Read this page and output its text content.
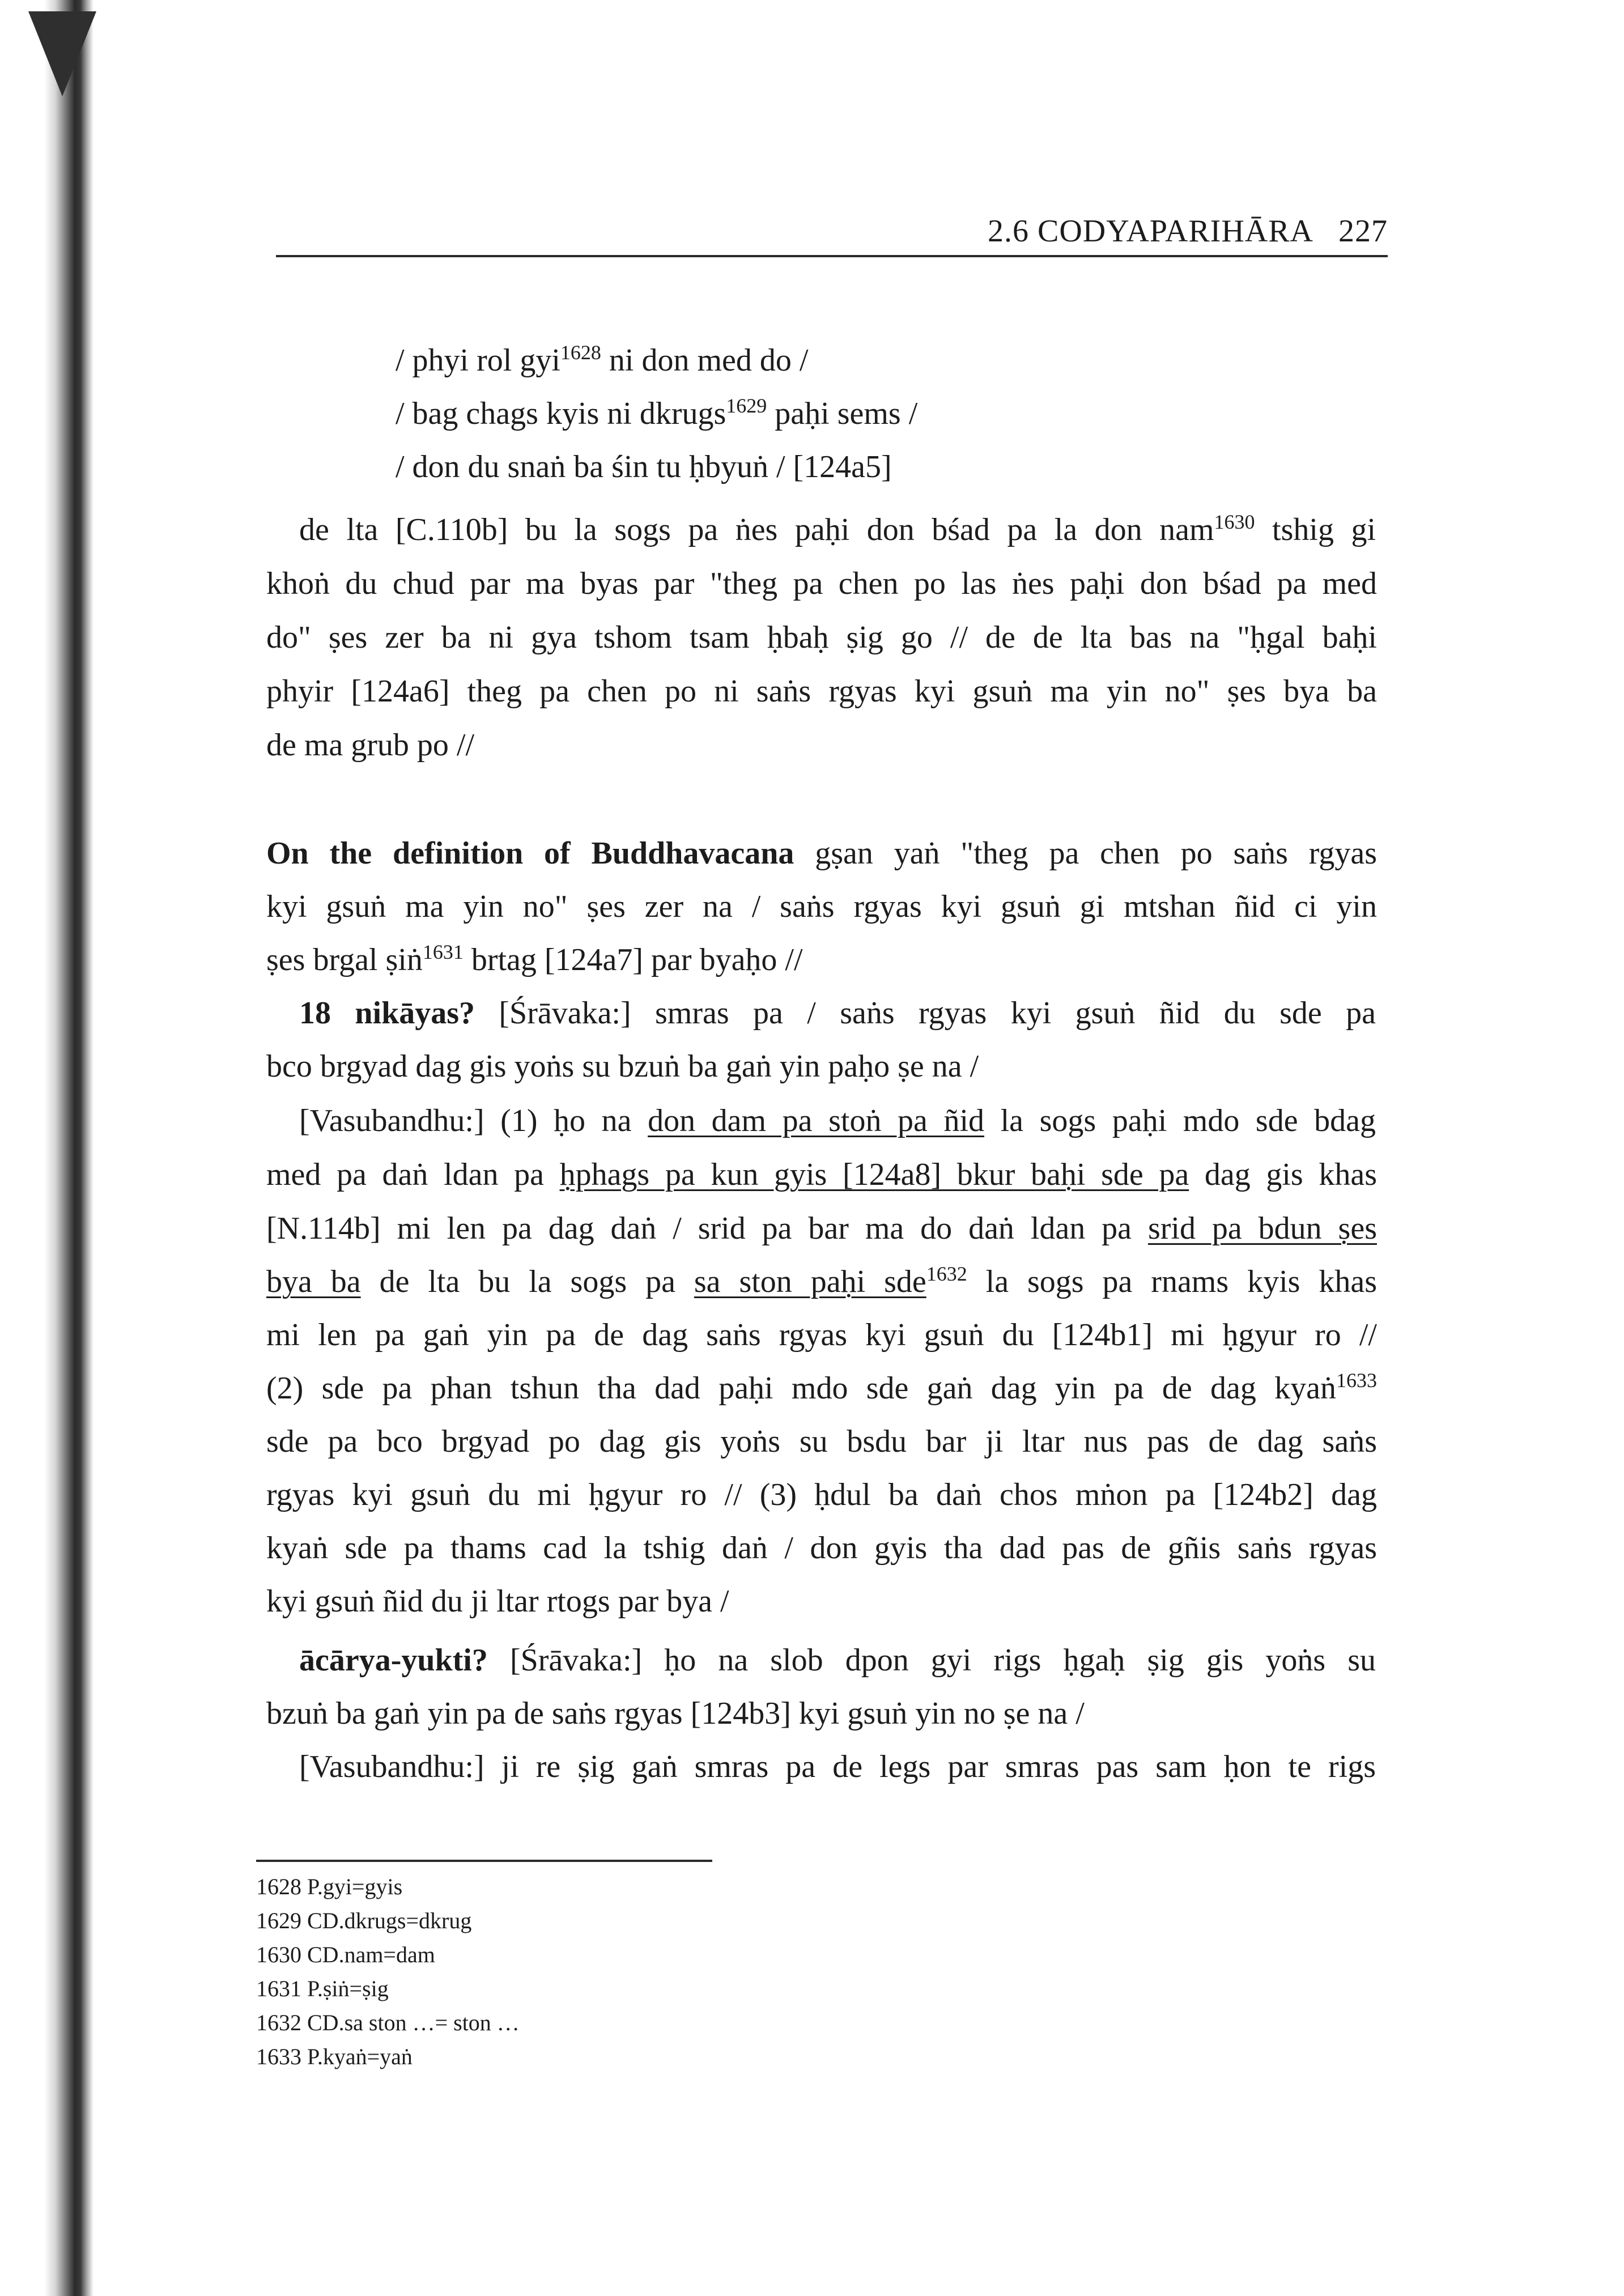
2.6 CODYAPARIHĀRA 227
/ phyi rol gyi$^{1628}$ ni don med do /
/ bag chags kyis ni dkrugs$^{1629}$ paḥi sems /
/ don du snaṅ ba śin tu ḥbyuṅ / [124a5]
de lta [C.110b] bu la sogs pa ṅes paḥi don bśad pa la don nam$^{1630}$ tshig gi
khoṅ du chud par ma byas par "theg pa chen po las ṅes paḥi don bśad pa med
do" ṣes zer ba ni gya tshom tsam ḥbaḥ ṣig go // de de lta bas na "ḥgal baḥi
phyir [124a6] theg pa chen po ni saṅs rgyas kyi gsuṅ ma yin no" ṣes bya ba
de ma grub po //
On the definition of Buddhavacana gṣan yaṅ "theg pa chen po saṅs rgyas
kyi gsuṅ ma yin no" ṣes zer na / saṅs rgyas kyi gsuṅ gi mtshan ñid ci yin
ṣes brgal ṣiṅ$^{1631}$ brtag [124a7] par byaḥo //
18 nikāyas? [Śrāvaka:] smras pa / saṅs rgyas kyi gsuṅ ñid du sde pa
bco brgyad dag gis yoṅs su bzuṅ ba gaṅ yin paḥo ṣe na /
[Vasubandhu:] (1) ḥo na don dam pa stoṅ pa ñid la sogs paḥi mdo sde bdag
med pa daṅ ldan pa ḥphags pa kun gyis [124a8] bkur baḥi sde pa dag gis khas
[N.114b] mi len pa dag daṅ / srid pa bar ma do daṅ ldan pa srid pa bdun ṣes
bya ba de lta bu la sogs pa sa ston paḥi sde$^{1632}$ la sogs pa rnams kyis khas
mi len pa gaṅ yin pa de dag saṅs rgyas kyi gsuṅ du [124b1] mi ḥgyur ro //
(2) sde pa phan tshun tha dad paḥi mdo sde gaṅ dag yin pa de dag kyaṅ$^{1633}$
sde pa bco brgyad po dag gis yoṅs su bsdu bar ji ltar nus pas de dag saṅs
rgyas kyi gsuṅ du mi ḥgyur ro // (3) ḥdul ba daṅ chos mṅon pa [124b2] dag
kyaṅ sde pa thams cad la tshig daṅ / don gyis tha dad pas de gñis saṅs rgyas
kyi gsuṅ ñid du ji ltar rtogs par bya /
ācārya-yukti? [Śrāvaka:] ḥo na slob dpon gyi rigs ḥgaḥ ṣig gis yoṅs su
bzuṅ ba gaṅ yin pa de saṅs rgyas [124b3] kyi gsuṅ yin no ṣe na /
[Vasubandhu:] ji re ṣig gaṅ smras pa de legs par smras pas sam ḥon te rigs
1628 P.gyi=gyis
1629 CD.dkrugs=dkrug
1630 CD.nam=dam
1631 P.ṣiṅ=ṣig
1632 CD.sa ston …= ston …
1633 P.kyaṅ=yaṅ
